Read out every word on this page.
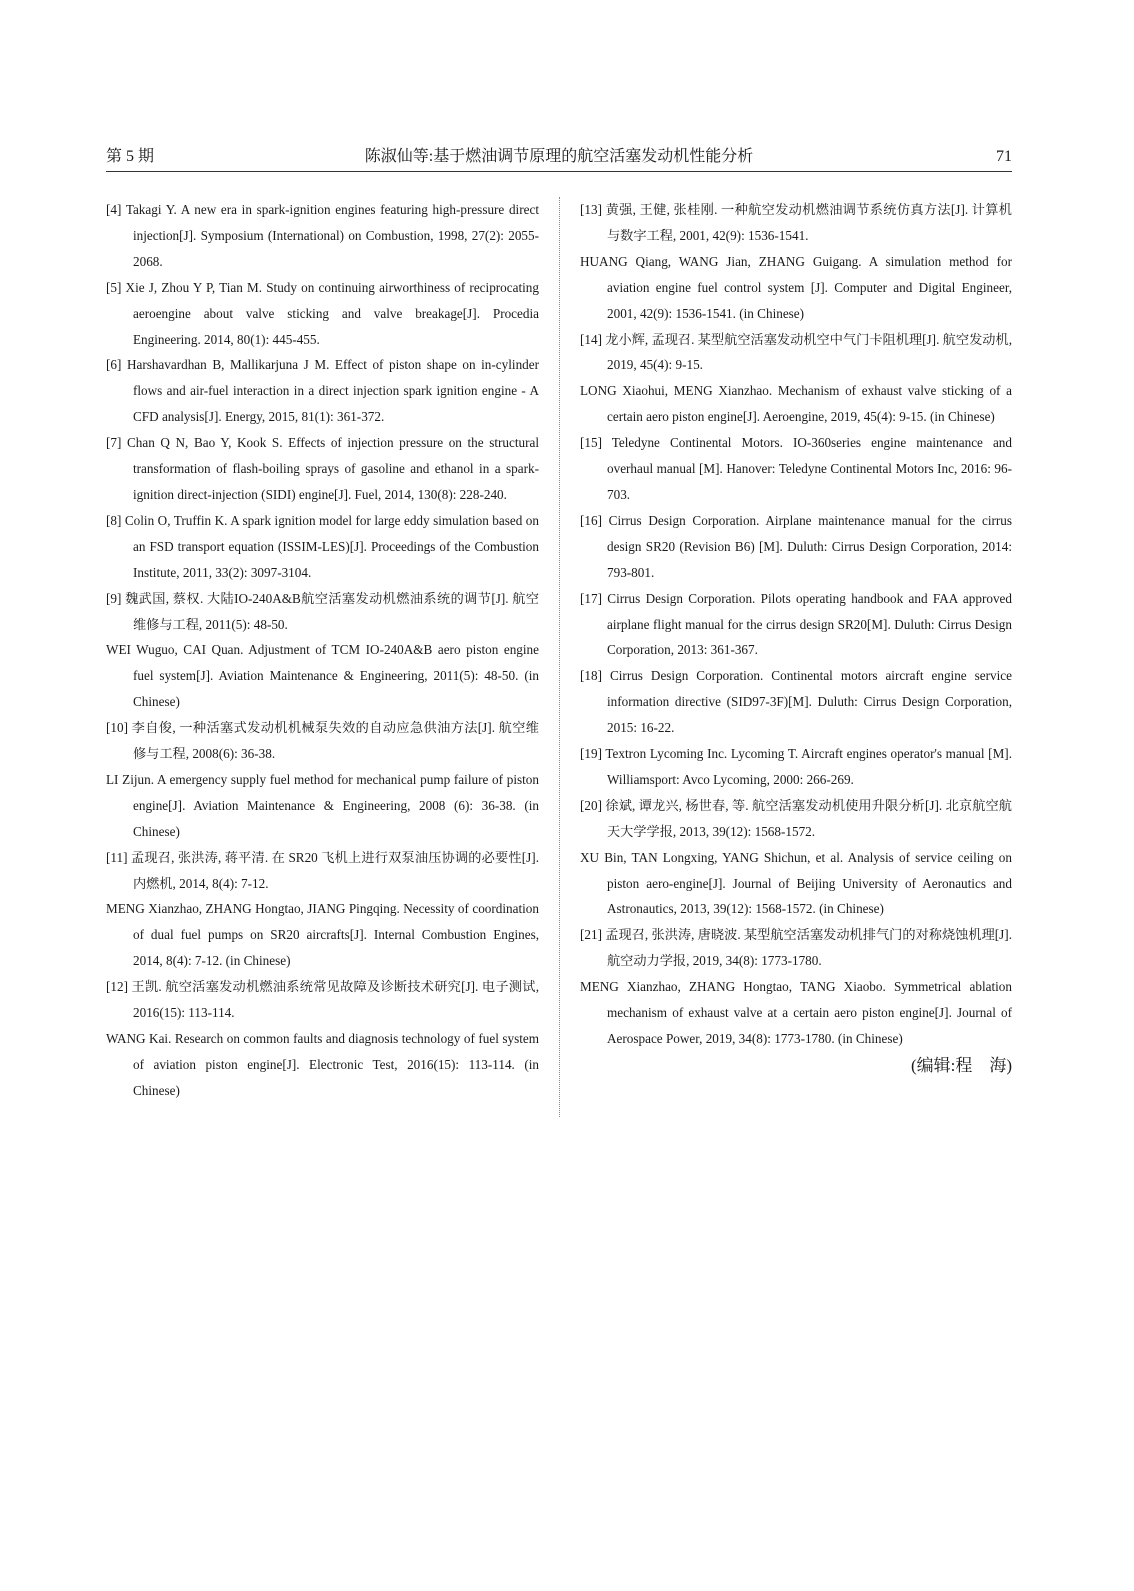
第 5 期	陈淑仙等:基于燃油调节原理的航空活塞发动机性能分析	71

[4] Takagi Y. A new era in spark-ignition engines featuring high-pressure direct injection[J]. Symposium (International) on Combustion, 1998, 27(2): 2055-2068.

[5] Xie J, Zhou Y P, Tian M. Study on continuing airworthiness of reciprocating aeroengine about valve sticking and valve breakage[J]. Procedia Engineering. 2014, 80(1): 445-455.

[6] Harshavardhan B, Mallikarjuna J M. Effect of piston shape on in-cylinder flows and air-fuel interaction in a direct injection spark ignition engine - A CFD analysis[J]. Energy, 2015, 81(1): 361-372.

[7] Chan Q N, Bao Y, Kook S. Effects of injection pressure on the structural transformation of flash-boiling sprays of gasoline and ethanol in a spark-ignition direct-injection (SIDI) engine[J]. Fuel, 2014, 130(8): 228-240.

[8] Colin O, Truffin K. A spark ignition model for large eddy simulation based on an FSD transport equation (ISSIM-LES)[J]. Proceedings of the Combustion Institute, 2011, 33(2): 3097-3104.

[9] 魏武国, 蔡权. 大陆IO-240A&B航空活塞发动机燃油系统的调节[J]. 航空维修与工程, 2011(5): 48-50.
WEI Wuguo, CAI Quan. Adjustment of TCM IO-240A&B aero piston engine fuel system[J]. Aviation Maintenance & Engineering, 2011(5): 48-50. (in Chinese)

[10] 李自俊, 一种活塞式发动机机械泵失效的自动应急供油方法[J]. 航空维修与工程, 2008(6): 36-38.
LI Zijun. A emergency supply fuel method for mechanical pump failure of piston engine[J]. Aviation Maintenance & Engineering, 2008 (6): 36-38. (in Chinese)

[11] 孟现召, 张洪涛, 蒋平清. 在 SR20 飞机上进行双泵油压协调的必要性[J]. 内燃机, 2014, 8(4): 7-12.
MENG Xianzhao, ZHANG Hongtao, JIANG Pingqing. Necessity of coordination of dual fuel pumps on SR20 aircrafts[J]. Internal Combustion Engines, 2014, 8(4): 7-12. (in Chinese)

[12] 王凯. 航空活塞发动机燃油系统常见故障及诊断技术研究[J]. 电子测试, 2016(15): 113-114.
WANG Kai. Research on common faults and diagnosis technology of fuel system of aviation piston engine[J]. Electronic Test, 2016(15): 113-114. (in Chinese)

[13] 黄强, 王健, 张桂刚. 一种航空发动机燃油调节系统仿真方法[J]. 计算机与数字工程, 2001, 42(9): 1536-1541.
HUANG Qiang, WANG Jian, ZHANG Guigang. A simulation method for aviation engine fuel control system [J]. Computer and Digital Engineer, 2001, 42(9): 1536-1541. (in Chinese)

[14] 龙小辉, 孟现召. 某型航空活塞发动机空中气门卡阻机理[J]. 航空发动机, 2019, 45(4): 9-15.
LONG Xiaohui, MENG Xianzhao. Mechanism of exhaust valve sticking of a certain aero piston engine[J]. Aeroengine, 2019, 45(4): 9-15. (in Chinese)

[15] Teledyne Continental Motors. IO-360series engine maintenance and overhaul manual [M]. Hanover: Teledyne Continental Motors Inc, 2016: 96-703.

[16] Cirrus Design Corporation. Airplane maintenance manual for the cirrus design SR20 (Revision B6) [M]. Duluth: Cirrus Design Corporation, 2014: 793-801.

[17] Cirrus Design Corporation. Pilots operating handbook and FAA approved airplane flight manual for the cirrus design SR20[M]. Duluth: Cirrus Design Corporation, 2013: 361-367.

[18] Cirrus Design Corporation. Continental motors aircraft engine service information directive (SID97-3F)[M]. Duluth: Cirrus Design Corporation, 2015: 16-22.

[19] Textron Lycoming Inc. Lycoming T. Aircraft engines operator's manual [M]. Williamsport: Avco Lycoming, 2000: 266-269.

[20] 徐斌, 谭龙兴, 杨世春, 等. 航空活塞发动机使用升限分析[J]. 北京航空航天大学学报, 2013, 39(12): 1568-1572.
XU Bin, TAN Longxing, YANG Shichun, et al. Analysis of service ceiling on piston aero-engine[J]. Journal of Beijing University of Aeronautics and Astronautics, 2013, 39(12): 1568-1572. (in Chinese)

[21] 孟现召, 张洪涛, 唐晓波. 某型航空活塞发动机排气门的对称烧蚀机理[J]. 航空动力学报, 2019, 34(8): 1773-1780.
MENG Xianzhao, ZHANG Hongtao, TANG Xiaobo. Symmetrical ablation mechanism of exhaust valve at a certain aero piston engine[J]. Journal of Aerospace Power, 2019, 34(8): 1773-1780. (in Chinese)

(编辑:程　海)
